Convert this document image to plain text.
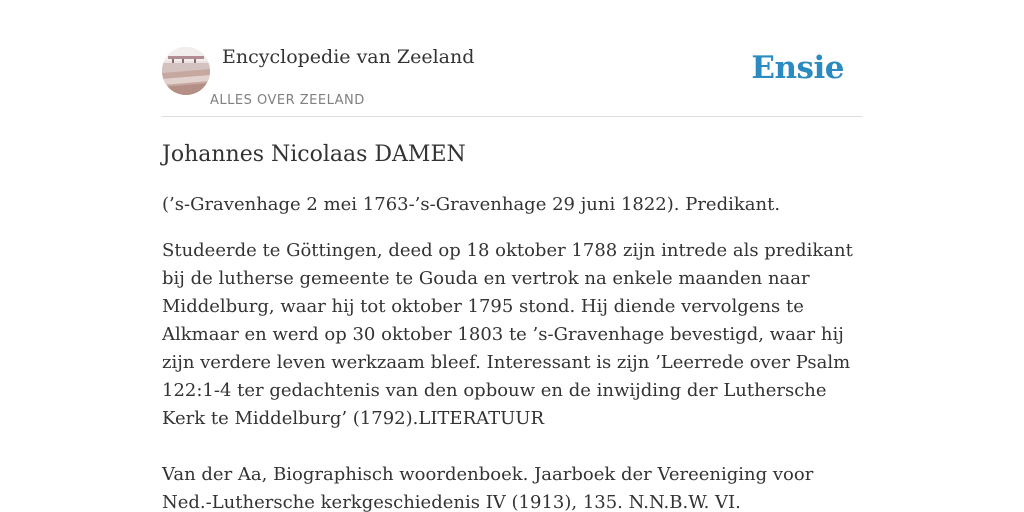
Encyclopedie van Zeeland
ALLES OVER ZEELAND
Ensie
Johannes Nicolaas DAMEN

(’s-Gravenhage 2 mei 1763-’s-Gravenhage 29 juni 1822). Predikant.

Studeerde te Göttingen, deed op 18 oktober 1788 zijn intrede als predikant bij de lutherse gemeente te Gouda en vertrok na enkele maanden naar Middelburg, waar hij tot oktober 1795 stond. Hij diende vervolgens te Alkmaar en werd op 30 oktober 1803 te ’s-Gravenhage bevestigd, waar hij zijn verdere leven werkzaam bleef. Interessant is zijn ’Leerrede over Psalm 122:1-4 ter gedachtenis van den opbouw en de inwijding der Luthersche Kerk te Middelburg’ (1792).LITERATUUR

Van der Aa, Biographisch woordenboek. Jaarboek der Vereeniging voor Ned.-Luthersche kerkgeschiedenis IV (1913), 135. N.N.B.W. VI.
